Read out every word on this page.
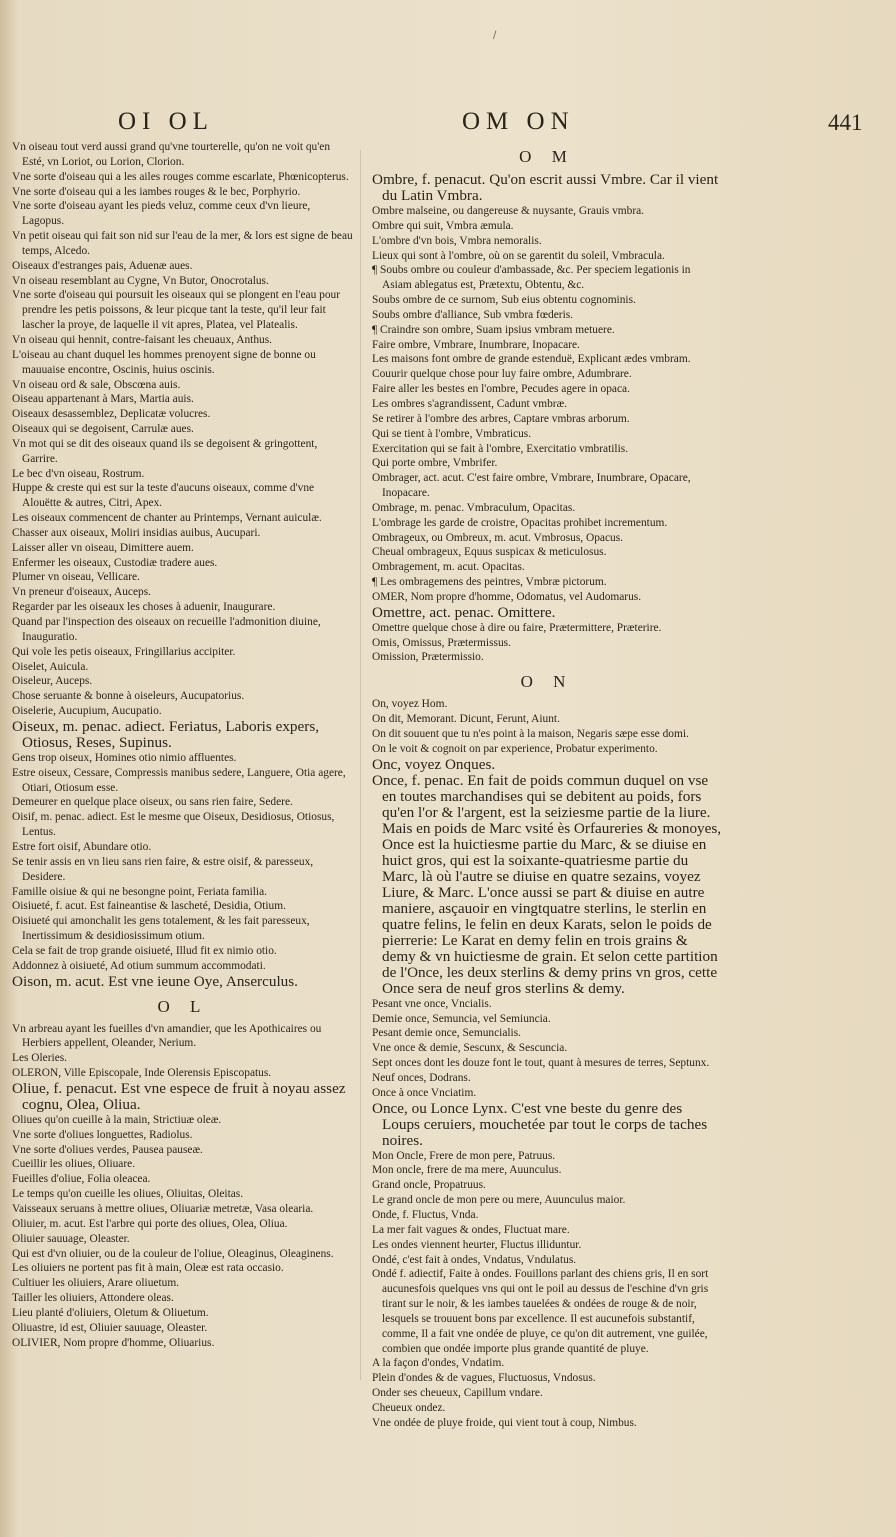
/
OI OL	OM ON	441

Vn oiseau tout verd aussi grand qu'vne tourterelle, qu'on ne voit qu'en Esté, vn Loriot, ou Lorion, Clorion.

Vne sorte d'oiseau qui a les ailes rouges comme escarlate, Phœnicopterus.

Vne sorte d'oiseau qui a les iambes rouges & le bec, Porphyrio.

Vne sorte d'oiseau ayant les pieds veluz, comme ceux d'vn lieure, Lagopus.

Vn petit oiseau qui fait son nid sur l'eau de la mer, & lors est signe de beau temps, Alcedo.

Oiseaux d'estranges pais, Aduenæ aues.

Vn oiseau resemblant au Cygne, Vn Butor, Onocrotalus.

Vne sorte d'oiseau qui poursuit les oiseaux qui se plongent en l'eau pour prendre les petis poissons, & leur picque tant la teste, qu'il leur fait lascher la proye, de laquelle il vit apres, Platea, vel Platealis.

Vn oiseau qui hennit, contre-faisant les cheuaux, Anthus.

L'oiseau au chant duquel les hommes prenoyent signe de bonne ou mauuaise encontre, Oscinis, huius oscinis.

Vn oiseau ord & sale, Obscœna auis.

Oiseau appartenant à Mars, Martia auis.

Oiseaux desassemblez, Deplicatæ volucres.

Oiseaux qui se degoisent, Carrulæ aues.

Vn mot qui se dit des oiseaux quand ils se degoisent & gringottent, Garrire.

Le bec d'vn oiseau, Rostrum.

Huppe & creste qui est sur la teste d'aucuns oiseaux, comme d'vne Alouëtte & autres, Citri, Apex.

Les oiseaux commencent de chanter au Printemps, Vernant auiculæ.

Chasser aux oiseaux, Moliri insidias auibus, Aucupari.

Laisser aller vn oiseau, Dimittere auem.

Enfermer les oiseaux, Custodiæ tradere aues.

Plumer vn oiseau, Vellicare.

Vn preneur d'oiseaux, Auceps.

Regarder par les oiseaux les choses à aduenir, Inaugurare.

Quand par l'inspection des oiseaux on recueille l'admonition diuine, Inauguratio.

Qui vole les petis oiseaux, Fringillarius accipiter.

Oiselet, Auicula.

Oiseleur, Auceps.

Chose seruante & bonne à oiseleurs, Aucupatorius.

Oiselerie, Aucupium, Aucupatio.

Oiseux, m. penac. adiect. Feriatus, Laboris expers, Otiosus, Reses, Supinus.

Gens trop oiseux, Homines otio nimio affluentes.

Estre oiseux, Cessare, Compressis manibus sedere, Languere, Otia agere, Otiari, Otiosum esse.

Demeurer en quelque place oiseux, ou sans rien faire, Sedere.

Oisif, m. penac. adiect. Est le mesme que Oiseux, Desidiosus, Otiosus, Lentus.

Estre fort oisif, Abundare otio.

Se tenir assis en vn lieu sans rien faire, & estre oisif, & paresseux, Desidere.

Famille oisiue & qui ne besongne point, Feriata familia.

Oisiueté, f. acut. Est faineantise & lascheté, Desidia, Otium.

Oisiueté qui amonchalit les gens totalement, & les fait paresseux, Inertissimum & desidiosissimum otium.

Cela se fait de trop grande oisiueté, Illud fit ex nimio otio.

Addonnez à oisiueté, Ad otium summum accommodati.

Oison, m. acut. Est vne ieune Oye, Anserculus.

O L

Vn arbreau ayant les fueilles d'vn amandier, que les Apothicaires ou Herbiers appellent, Oleander, Nerium.

Les Oleries.

OLERON, Ville Episcopale, Inde Olerensis Episcopatus.

Oliue, f. penacut. Est vne espece de fruit à noyau assez cognu, Olea, Oliua.

Oliues qu'on cueille à la main, Strictiuæ oleæ.

Vne sorte d'oliues longuettes, Radiolus.

Vne sorte d'oliues verdes, Pausea pauseæ.

Cueillir les oliues, Oliuare.

Fueilles d'oliue, Folia oleacea.

Le temps qu'on cueille les oliues, Oliuitas, Oleitas.

Vaisseaux seruans à mettre oliues, Oliuariæ metretæ, Vasa olearia.

Oliuier, m. acut. Est l'arbre qui porte des oliues, Olea, Oliua.

Oliuier sauuage, Oleaster.

Qui est d'vn oliuier, ou de la couleur de l'oliue, Oleaginus, Oleaginens.

Les oliuiers ne portent pas fit à main, Oleæ est rata occasio.

Cultiuer les oliuiers, Arare oliuetum.

Tailler les oliuiers, Attondere oleas.

Lieu planté d'oliuiers, Oletum & Oliuetum.

Oliuastre, id est, Oliuier sauuage, Oleaster.

OLIVIER, Nom propre d'homme, Oliuarius.

O M

Ombre, f. penacut. Qu'on escrit aussi Vmbre. Car il vient du Latin Vmbra.

Ombre malseine, ou dangereuse & nuysante, Grauis vmbra.

Ombre qui suit, Vmbra æmula.

L'ombre d'vn bois, Vmbra nemoralis.

Lieux qui sont à l'ombre, où on se garentit du soleil, Vmbracula.

¶ Soubs ombre ou couleur d'ambassade, &c. Per speciem legationis in Asiam ablegatus est, Prætextu, Obtentu, &c.

Soubs ombre de ce surnom, Sub eius obtentu cognominis.

Soubs ombre d'alliance, Sub vmbra fœderis.

¶ Craindre son ombre, Suam ipsius vmbram metuere.

Faire ombre, Vmbrare, Inumbrare, Inopacare.

Les maisons font ombre de grande estenduë, Explicant ædes vmbram.

Couurir quelque chose pour luy faire ombre, Adumbrare.

Faire aller les bestes en l'ombre, Pecudes agere in opaca.

Les ombres s'agrandissent, Cadunt vmbræ.

Se retirer à l'ombre des arbres, Captare vmbras arborum.

Qui se tient à l'ombre, Vmbraticus.

Exercitation qui se fait à l'ombre, Exercitatio vmbratilis.

Qui porte ombre, Vmbrifer.

Ombrager, act. acut. C'est faire ombre, Vmbrare, Inumbrare, Opacare, Inopacare.

Ombrage, m. penac. Vmbraculum, Opacitas.

L'ombrage les garde de croistre, Opacitas prohibet incrementum.

Ombrageux, ou Ombreux, m. acut. Vmbrosus, Opacus.

Cheual ombrageux, Equus suspicax & meticulosus.

Ombragement, m. acut. Opacitas.

¶ Les ombragemens des peintres, Vmbræ pictorum.

OMER, Nom propre d'homme, Odomatus, vel Audomarus.

Omettre, act. penac. Omittere.

Omettre quelque chose à dire ou faire, Prætermittere, Præterire.

Omis, Omissus, Prætermissus.

Omission, Prætermissio.

O N

On, voyez Hom.

On dit, Memorant. Dicunt, Ferunt, Aiunt.

On dit souuent que tu n'es point à la maison, Negaris sæpe esse domi.

On le voit & cognoit on par experience, Probatur experimento.

Onc, voyez Onques.

Once, f. penac. En fait de poids commun duquel on vse en toutes marchandises qui se debitent au poids, fors qu'en l'or & l'argent, est la seiziesme partie de la liure. Mais en poids de Marc vsité ès Orfaureries & monoyes, Once est la huictiesme partie du Marc, & se diuise en huict gros, qui est la soixante-quatriesme partie du Marc, là où l'autre se diuise en quatre sezains, voyez Liure, & Marc. L'once aussi se part & diuise en autre maniere, asçauoir en vingtquatre sterlins, le sterlin en quatre felins, le felin en deux Karats, selon le poids de pierrerie: Le Karat en demy felin en trois grains & demy & vn huictiesme de grain. Et selon cette partition de l'Once, les deux sterlins & demy prins vn gros, cette Once sera de neuf gros sterlins & demy.

Pesant vne once, Vncialis.

Demie once, Semuncia, vel Semiuncia.

Pesant demie once, Semuncialis.

Vne once & demie, Sescunx, & Sescuncia.

Sept onces dont les douze font le tout, quant à mesures de terres, Septunx.

Neuf onces, Dodrans.

Once à once Vnciatim.

Once, ou Lonce Lynx. C'est vne beste du genre des Loups ceruiers, mouchetée par tout le corps de taches noires.

Mon Oncle, Frere de mon pere, Patruus.

Mon oncle, frere de ma mere, Auunculus.

Grand oncle, Propatruus.

Le grand oncle de mon pere ou mere, Auunculus maior.

Onde, f. Fluctus, Vnda.

La mer fait vagues & ondes, Fluctuat mare.

Les ondes viennent heurter, Fluctus illiduntur.

Ondé, c'est fait à ondes, Vndatus, Vndulatus.

Ondé f. adiectif, Faite à ondes. Fouillons parlant des chiens gris, Il en sort aucunesfois quelques vns qui ont le poil au dessus de l'eschine d'vn gris tirant sur le noir, & les iambes tauelées & ondées de rouge & de noir, lesquels se trouuent bons par excellence. Il est aucunefois substantif, comme, Il a fait vne ondée de pluye, ce qu'on dit autrement, vne guilée, combien que ondée importe plus grande quantité de pluye.

A la façon d'ondes, Vndatim.

Plein d'ondes & de vagues, Fluctuosus, Vndosus.

Onder ses cheueux, Capillum vndare.

Cheueux ondez.

Vne ondée de pluye froide, qui vient tout à coup, Nimbus.
